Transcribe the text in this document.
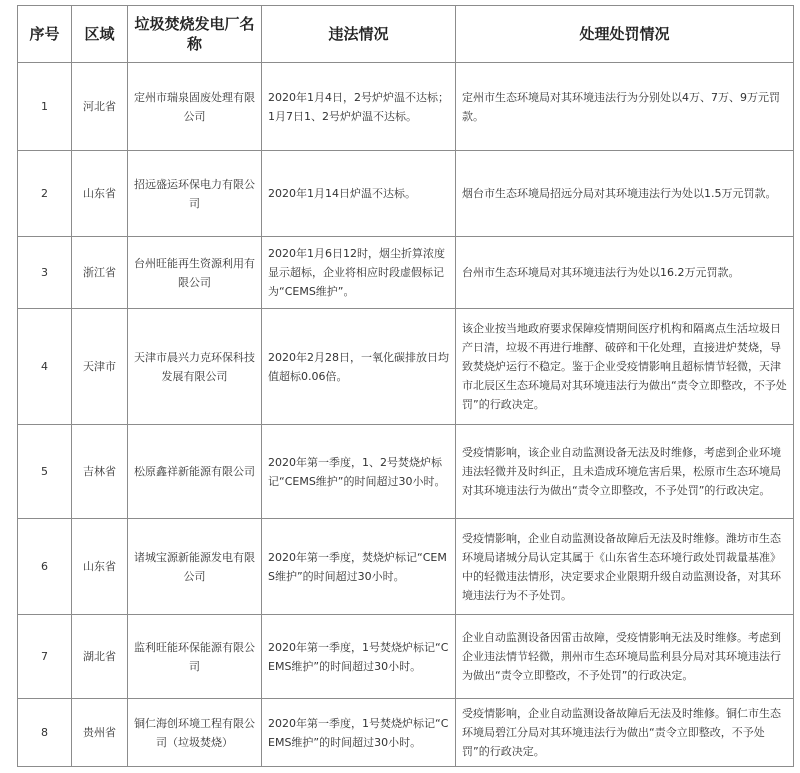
序号	区域	垃圾焚烧发电厂名称	违法情况	处理处罚情况
1	河北省	定州市瑞泉固废处理有限公司	2020年1月4日，2号炉炉温不达标；1月7日1、2号炉炉温不达标。	定州市生态环境局对其环境违法行为分别处以4万、7万、9万元罚款。
2	山东省	招远盛运环保电力有限公司	2020年1月14日炉温不达标。	烟台市生态环境局招远分局对其环境违法行为处以1.5万元罚款。
3	浙江省	台州旺能再生资源利用有限公司	2020年1月6日12时，烟尘折算浓度显示超标，企业将相应时段虚假标记为“CEMS维护”。	台州市生态环境局对其环境违法行为处以16.2万元罚款。
4	天津市	天津市晨兴力克环保科技发展有限公司	2020年2月28日，一氧化碳排放日均值超标0.06倍。	该企业按当地政府要求保障疫情期间医疗机构和隔离点生活垃圾日产日清，垃圾不再进行堆酵、破碎和干化处理，直接进炉焚烧，导致焚烧炉运行不稳定。鉴于企业受疫情影响且超标情节轻微，天津市北辰区生态环境局对其环境违法行为做出“责令立即整改，不予处罚”的行政决定。
5	吉林省	松原鑫祥新能源有限公司	2020年第一季度，1、2号焚烧炉标记“CEMS维护”的时间超过30小时。	受疫情影响，该企业自动监测设备无法及时维修，考虑到企业环境违法轻微并及时纠正，且未造成环境危害后果，松原市生态环境局对其环境违法行为做出“责令立即整改，不予处罚”的行政决定。
6	山东省	诸城宝源新能源发电有限公司	2020年第一季度，焚烧炉标记“CEMS维护”的时间超过30小时。	受疫情影响，企业自动监测设备故障后无法及时维修。潍坊市生态环境局诸城分局认定其属于《山东省生态环境行政处罚裁量基准》中的轻微违法情形，决定要求企业限期升级自动监测设备，对其环境违法行为不予处罚。
7	湖北省	监利旺能环保能源有限公司	2020年第一季度，1号焚烧炉标记“CEMS维护”的时间超过30小时。	企业自动监测设备因雷击故障，受疫情影响无法及时维修。考虑到企业违法情节轻微，荆州市生态环境局监利县分局对其环境违法行为做出“责令立即整改，不予处罚”的行政决定。
8	贵州省	铜仁海创环境工程有限公司（垃圾焚烧）	2020年第一季度，1号焚烧炉标记“CEMS维护”的时间超过30小时。	受疫情影响，企业自动监测设备故障后无法及时维修。铜仁市生态环境局碧江分局对其环境违法行为做出“责令立即整改，不予处罚”的行政决定。
